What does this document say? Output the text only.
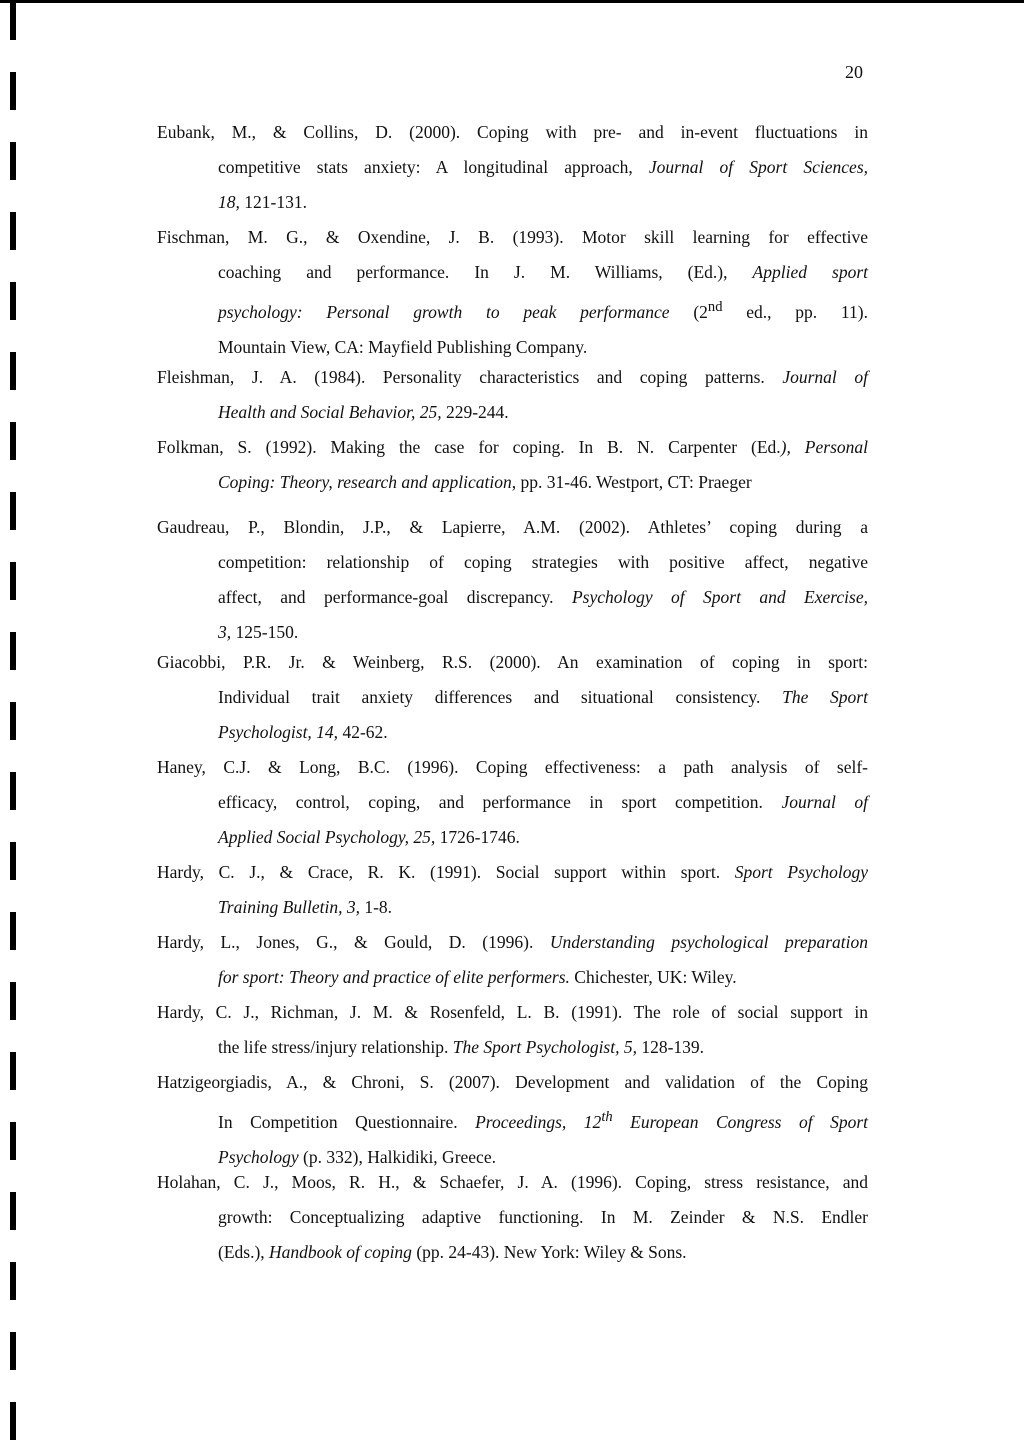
20

Eubank, M., & Collins, D. (2000). Coping with pre- and in-event fluctuations in
competitive stats anxiety: A longitudinal approach, Journal of Sport Sciences,
18, 121-131.

Fischman, M. G., & Oxendine, J. B. (1993). Motor skill learning for effective
coaching and performance. In J. M. Williams, (Ed.), Applied sport
psychology: Personal growth to peak performance (2nd ed., pp. 11).
Mountain View, CA: Mayfield Publishing Company.

Fleishman, J. A. (1984). Personality characteristics and coping patterns. Journal of
Health and Social Behavior, 25, 229-244.

Folkman, S. (1992). Making the case for coping. In B. N. Carpenter (Ed.), Personal
Coping: Theory, research and application, pp. 31-46. Westport, CT: Praeger

Gaudreau, P., Blondin, J.P., & Lapierre, A.M. (2002). Athletes’ coping during a
competition: relationship of coping strategies with positive affect, negative
affect, and performance-goal discrepancy. Psychology of Sport and Exercise,
3, 125-150.

Giacobbi, P.R. Jr. & Weinberg, R.S. (2000). An examination of coping in sport:
Individual trait anxiety differences and situational consistency. The Sport
Psychologist, 14, 42-62.

Haney, C.J. & Long, B.C. (1996). Coping effectiveness: a path analysis of self-
efficacy, control, coping, and performance in sport competition. Journal of
Applied Social Psychology, 25, 1726-1746.

Hardy, C. J., & Crace, R. K. (1991). Social support within sport. Sport Psychology
Training Bulletin, 3, 1-8.

Hardy, L., Jones, G., & Gould, D. (1996). Understanding psychological preparation
for sport: Theory and practice of elite performers. Chichester, UK: Wiley.

Hardy, C. J., Richman, J. M. & Rosenfeld, L. B. (1991). The role of social support in
the life stress/injury relationship. The Sport Psychologist, 5, 128-139.

Hatzigeorgiadis, A., & Chroni, S. (2007). Development and validation of the Coping
In Competition Questionnaire. Proceedings, 12th European Congress of Sport
Psychology (p. 332), Halkidiki, Greece.

Holahan, C. J., Moos, R. H., & Schaefer, J. A. (1996). Coping, stress resistance, and
growth: Conceptualizing adaptive functioning. In M. Zeinder & N.S. Endler
(Eds.), Handbook of coping (pp. 24-43). New York: Wiley & Sons.
